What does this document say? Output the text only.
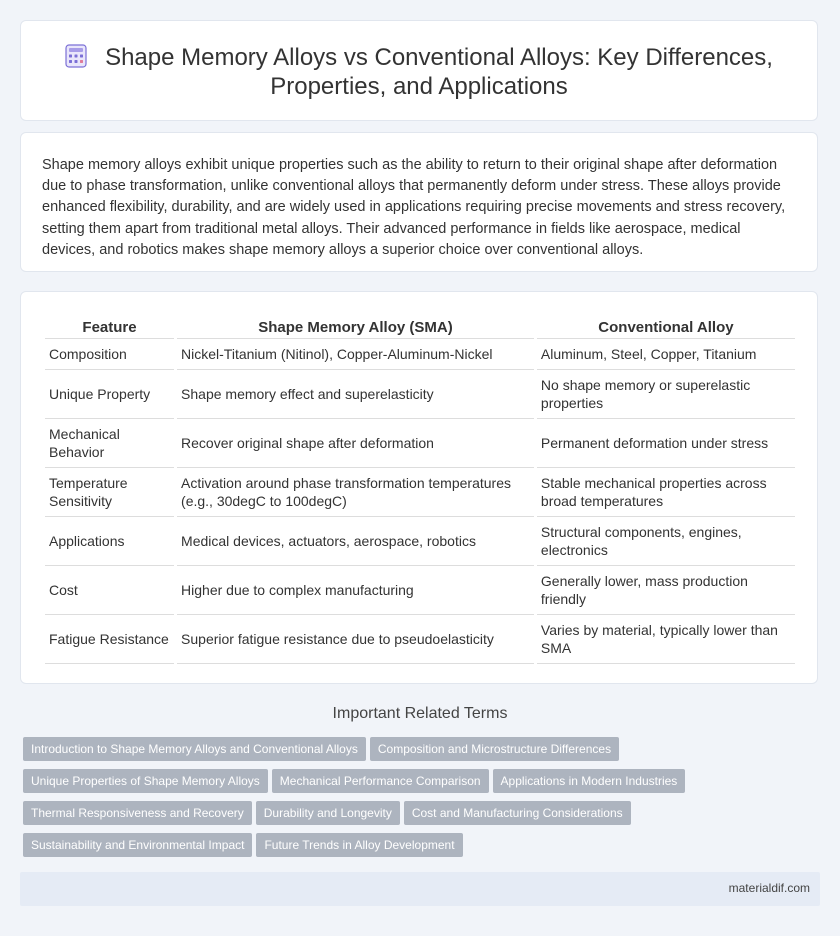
Shape Memory Alloys vs Conventional Alloys: Key Differences, Properties, and Applications

Shape memory alloys exhibit unique properties such as the ability to return to their original shape after deformation due to phase transformation, unlike conventional alloys that permanently deform under stress. These alloys provide enhanced flexibility, durability, and are widely used in applications requiring precise movements and stress recovery, setting them apart from traditional metal alloys. Their advanced performance in fields like aerospace, medical devices, and robotics makes shape memory alloys a superior choice over conventional alloys.

Feature	Shape Memory Alloy (SMA)	Conventional Alloy
Composition	Nickel-Titanium (Nitinol), Copper-Aluminum-Nickel	Aluminum, Steel, Copper, Titanium
Unique Property	Shape memory effect and superelasticity	No shape memory or superelastic properties
Mechanical Behavior	Recover original shape after deformation	Permanent deformation under stress
Temperature Sensitivity	Activation around phase transformation temperatures (e.g., 30degC to 100degC)	Stable mechanical properties across broad temperatures
Applications	Medical devices, actuators, aerospace, robotics	Structural components, engines, electronics
Cost	Higher due to complex manufacturing	Generally lower, mass production friendly
Fatigue Resistance	Superior fatigue resistance due to pseudoelasticity	Varies by material, typically lower than SMA
Important Related Terms
Introduction to Shape Memory Alloys and Conventional Alloys Composition and Microstructure Differences
Unique Properties of Shape Memory Alloys Mechanical Performance Comparison Applications in Modern Industries
Thermal Responsiveness and Recovery Durability and Longevity Cost and Manufacturing Considerations
Sustainability and Environmental Impact Future Trends in Alloy Development
materialdif.com
